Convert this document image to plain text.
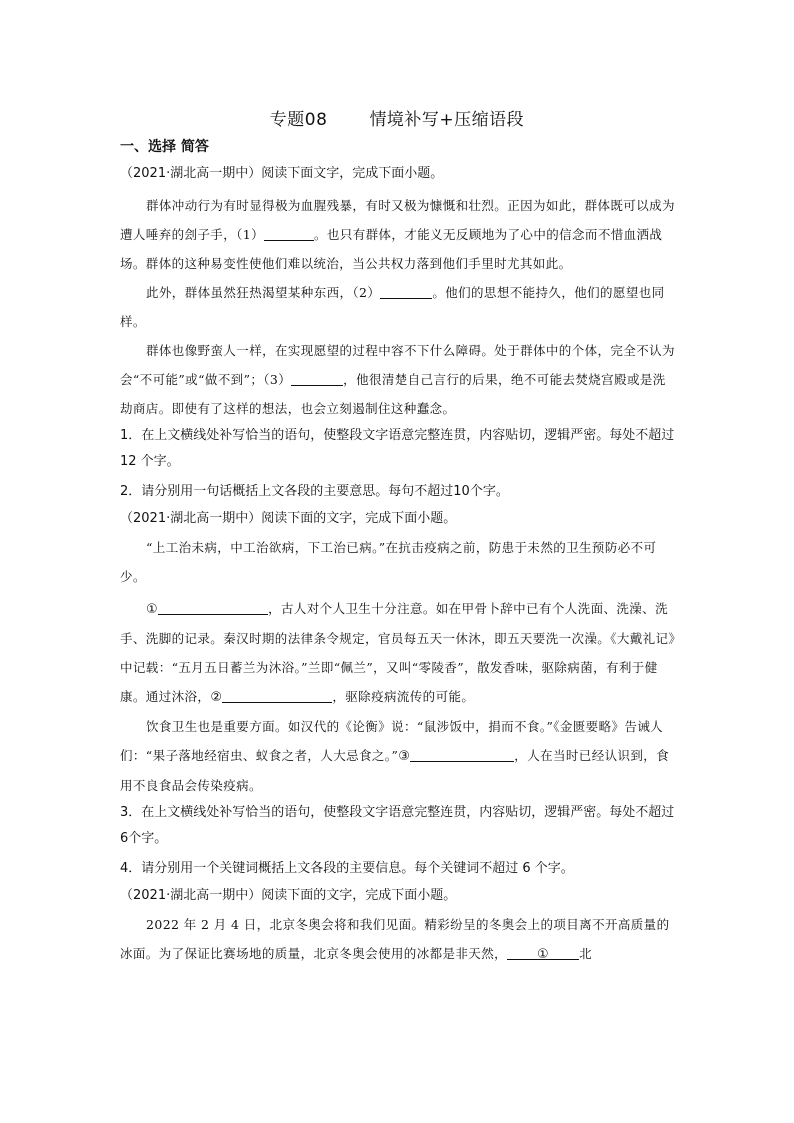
专题08 情境补写+压缩语段
一、选择 简答
（2021·湖北高一期中）阅读下面文字，完成下面小题。

群体冲动行为有时显得极为血腥残暴，有时又极为慷慨和壮烈。正因为如此，群体既可以成为遭人唾弃的刽子手，（1）	。也只有群体，才能义无反顾地为了心中的信念而不惜血洒战场。群体的这种易变性使他们难以统治，当公共权力落到他们手里时尤其如此。

此外，群体虽然狂热渴望某种东西，（2）	。他们的思想不能持久，他们的愿望也同样。

群体也像野蛮人一样，在实现愿望的过程中容不下什么障碍。处于群体中的个体，完全不认为会“不可能”或“做不到”；（3）	，他很清楚自己言行的后果，绝不可能去焚烧宫殿或是洗劫商店。即使有了这样的想法，也会立刻遏制住这种蠢念。

1．在上文横线处补写恰当的语句，使整段文字语意完整连贯，内容贴切，逻辑严密。每处不超过 12 个字。
2．请分别用一句话概括上文各段的主要意思。每句不超过10个字。
（2021·湖北高一期中）阅读下面的文字，完成下面小题。

“上工治未病，中工治欲病，下工治已病。”在抗击疫病之前，防患于未然的卫生预防必不可少。

①	，古人对个人卫生十分注意。如在甲骨卜辞中已有个人洗面、洗澡、洗手、洗脚的记录。秦汉时期的法律条令规定，官员每五天一休沐，即五天要洗一次澡。《大戴礼记》中记载：“五月五日蓄兰为沐浴。”兰即“佩兰”，又叫“零陵香”，散发香味，驱除病菌，有利于健康。通过沐浴，②	，驱除疫病流传的可能。

饮食卫生也是重要方面。如汉代的《论衡》说：“鼠涉饭中，捐而不食。”《金匮要略》告诫人们：“果子落地经宿虫、蚁食之者，人大忌食之。”③	，人在当时已经认识到，食用不良食品会传染疫病。

3．在上文横线处补写恰当的语句，使整段文字语意完整连贯，内容贴切，逻辑严密。每处不超过6个字。
4．请分别用一个关键词概括上文各段的主要信息。每个关键词不超过 6 个字。
（2021·湖北高一期中）阅读下面的文字，完成下面小题。

2022 年 2 月 4 日，北京冬奥会将和我们见面。精彩纷呈的冬奥会上的项目离不开高质量的冰面。为了保证比赛场地的质量，北京冬奥会使用的冰都是非天然， ① 北
